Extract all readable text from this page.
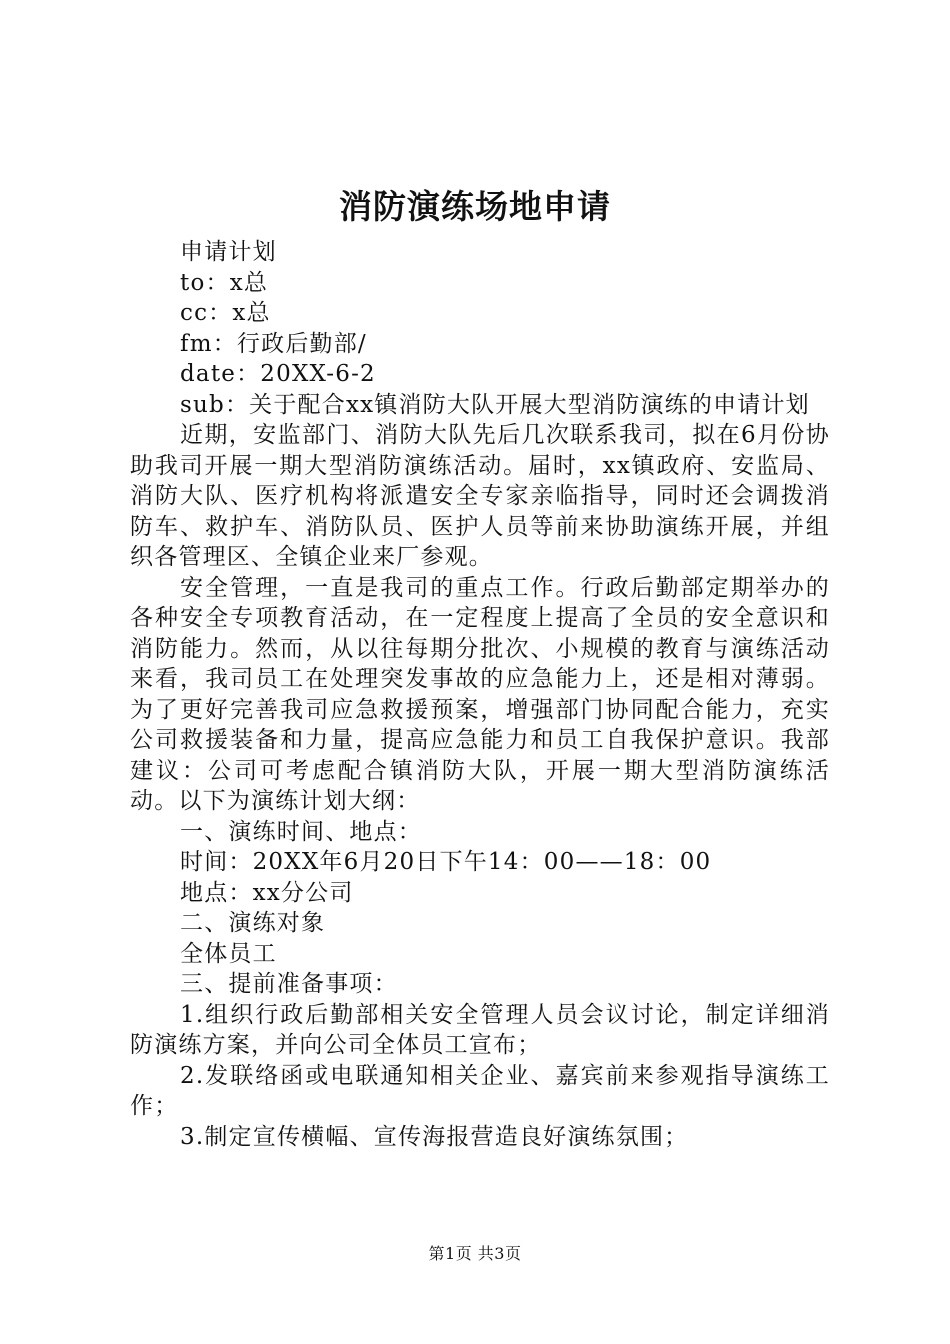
消防演练场地申请
申请计划
to：x总
cc：x总
fm：行政后勤部/
date：20XX-6-2

sub：关于配合xx镇消防大队开展大型消防演练的申请计划

近期，安监部门、消防大队先后几次联系我司，拟在6月份协助我司开展一期大型消防演练活动。届时，xx镇政府、安监局、消防大队、医疗机构将派遣安全专家亲临指导，同时还会调拨消防车、救护车、消防队员、医护人员等前来协助演练开展，并组织各管理区、全镇企业来厂参观。

安全管理，一直是我司的重点工作。行政后勤部定期举办的各种安全专项教育活动，在一定程度上提高了全员的安全意识和消防能力。然而，从以往每期分批次、小规模的教育与演练活动来看，我司员工在处理突发事故的应急能力上，还是相对薄弱。为了更好完善我司应急救援预案，增强部门协同配合能力，充实公司救援装备和力量，提高应急能力和员工自我保护意识。我部建议：公司可考虑配合镇消防大队，开展一期大型消防演练活动。以下为演练计划大纲：

一、演练时间、地点：
时间：20XX年6月20日下午14：00——18：00
地点：xx分公司
二、演练对象
全体员工
三、提前准备事项：

1.组织行政后勤部相关安全管理人员会议讨论，制定详细消防演练方案，并向公司全体员工宣布；

2.发联络函或电联通知相关企业、嘉宾前来参观指导演练工作；

3.制定宣传横幅、宣传海报营造良好演练氛围；

第1页 共3页
